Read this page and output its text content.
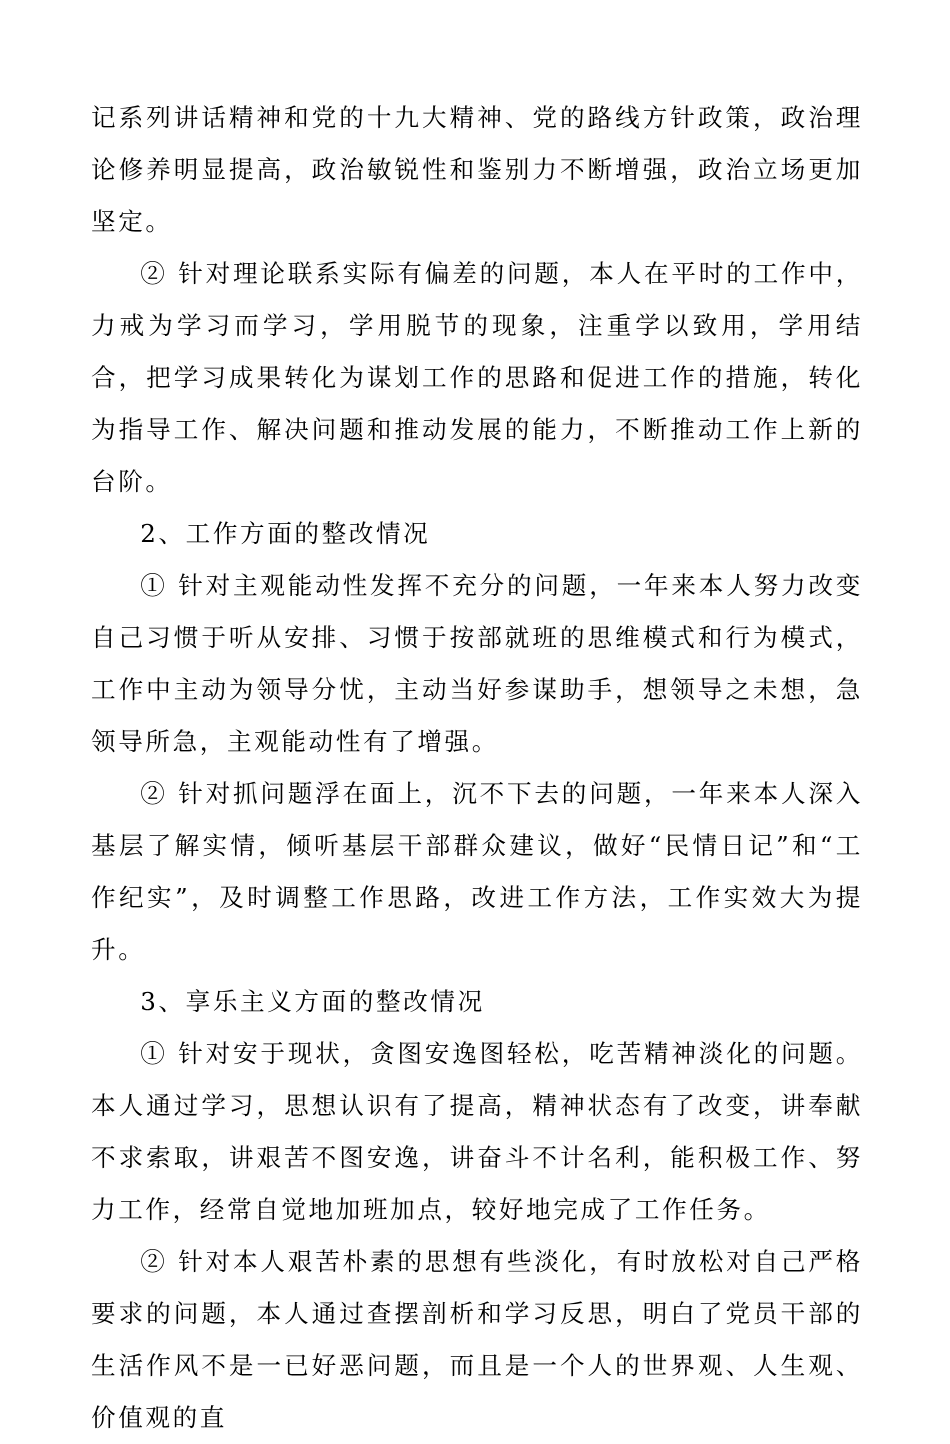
记系列讲话精神和党的十九大精神、党的路线方针政策，政治理论修养明显提高，政治敏锐性和鉴别力不断增强，政治立场更加坚定。

② 针对理论联系实际有偏差的问题，本人在平时的工作中，力戒为学习而学习，学用脱节的现象，注重学以致用，学用结合，把学习成果转化为谋划工作的思路和促进工作的措施，转化为指导工作、解决问题和推动发展的能力，不断推动工作上新的台阶。

2、工作方面的整改情况

① 针对主观能动性发挥不充分的问题，一年来本人努力改变自己习惯于听从安排、习惯于按部就班的思维模式和行为模式，工作中主动为领导分忧，主动当好参谋助手，想领导之未想，急领导所急，主观能动性有了增强。

② 针对抓问题浮在面上，沉不下去的问题，一年来本人深入基层了解实情，倾听基层干部群众建议，做好“民情日记”和“工作纪实”，及时调整工作思路，改进工作方法，工作实效大为提升。

3、享乐主义方面的整改情况

① 针对安于现状，贪图安逸图轻松，吃苦精神淡化的问题。本人通过学习，思想认识有了提高，精神状态有了改变，讲奉献不求索取，讲艰苦不图安逸，讲奋斗不计名利，能积极工作、努力工作，经常自觉地加班加点，较好地完成了工作任务。

② 针对本人艰苦朴素的思想有些淡化，有时放松对自己严格要求的问题，本人通过查摆剖析和学习反思，明白了党员干部的生活作风不是一已好恶问题，而且是一个人的世界观、人生观、价值观的直
